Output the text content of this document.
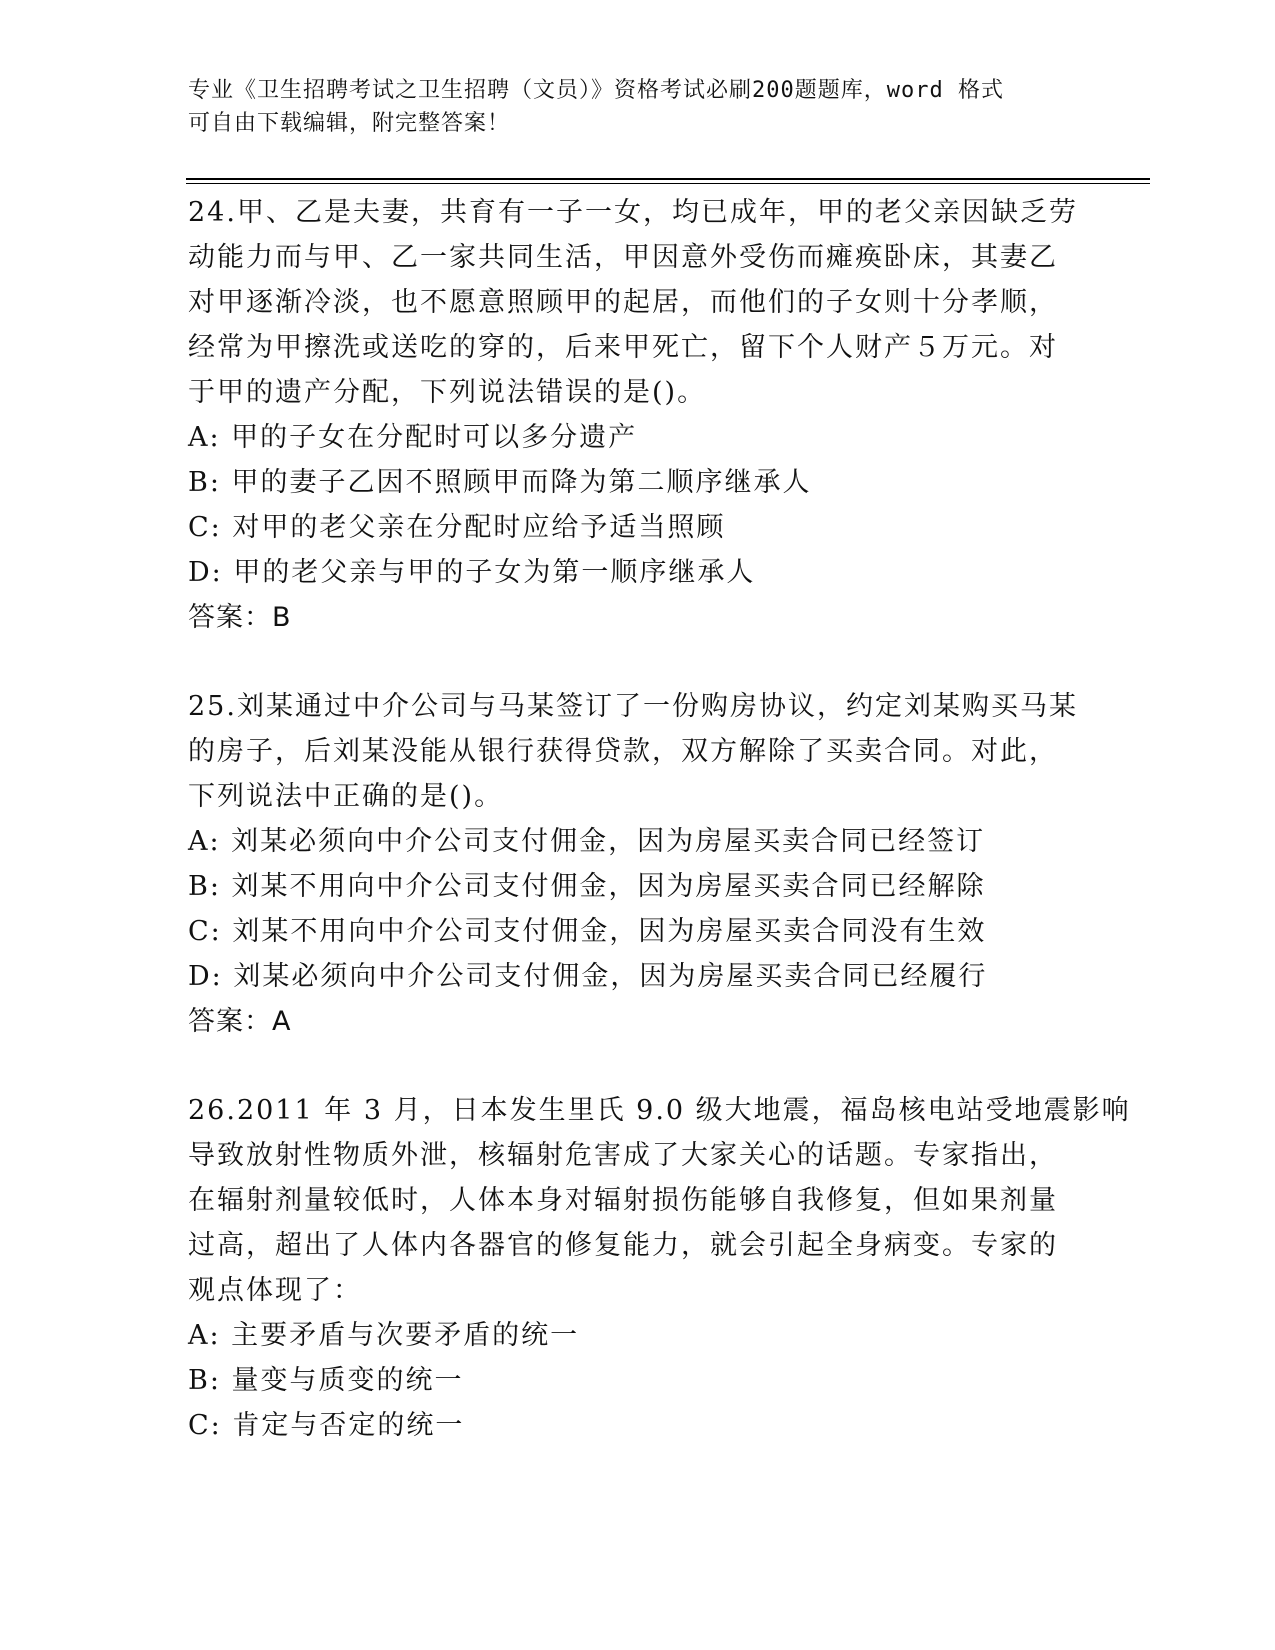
专业《卫生招聘考试之卫生招聘（文员）》资格考试必刷200题题库，word 格式
可自由下载编辑，附完整答案！
24.甲、乙是夫妻，共育有一子一女，均已成年，甲的老父亲因缺乏劳
动能力而与甲、乙一家共同生活，甲因意外受伤而瘫痪卧床，其妻乙
对甲逐渐冷淡，也不愿意照顾甲的起居，而他们的子女则十分孝顺，
经常为甲擦洗或送吃的穿的，后来甲死亡，留下个人财产５万元。对
于甲的遗产分配，下列说法错误的是()。
A: 甲的子女在分配时可以多分遗产
B: 甲的妻子乙因不照顾甲而降为第二顺序继承人
C: 对甲的老父亲在分配时应给予适当照顾
D: 甲的老父亲与甲的子女为第一顺序继承人
答案：B
25.刘某通过中介公司与马某签订了一份购房协议，约定刘某购买马某
的房子，后刘某没能从银行获得贷款，双方解除了买卖合同。对此，
下列说法中正确的是()。
A: 刘某必须向中介公司支付佣金，因为房屋买卖合同已经签订
B: 刘某不用向中介公司支付佣金，因为房屋买卖合同已经解除
C: 刘某不用向中介公司支付佣金，因为房屋买卖合同没有生效
D: 刘某必须向中介公司支付佣金，因为房屋买卖合同已经履行
答案：A
26.2011 年 3 月，日本发生里氏 9.0 级大地震，福岛核电站受地震影响
导致放射性物质外泄，核辐射危害成了大家关心的话题。专家指出，
在辐射剂量较低时，人体本身对辐射损伤能够自我修复，但如果剂量
过高，超出了人体内各器官的修复能力，就会引起全身病变。专家的
观点体现了：
A: 主要矛盾与次要矛盾的统一
B: 量变与质变的统一
C: 肯定与否定的统一
